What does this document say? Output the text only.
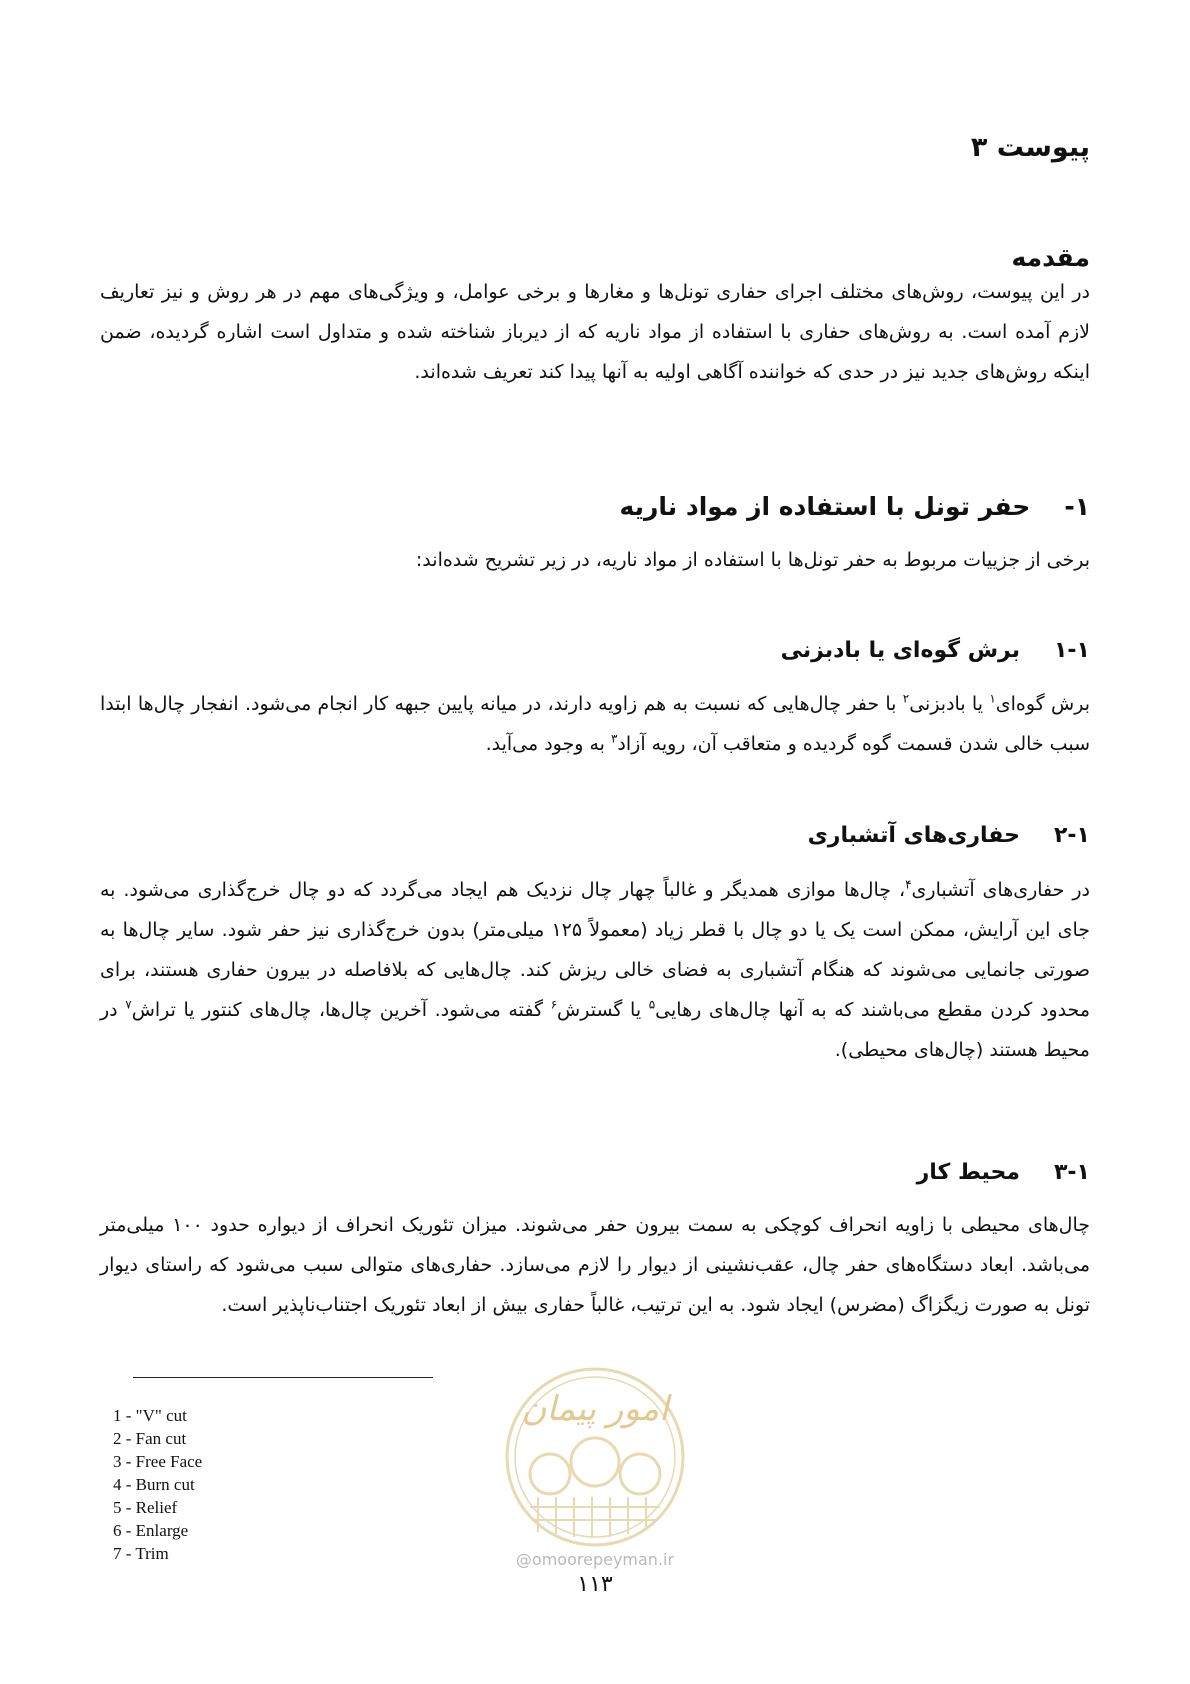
پیوست ۳
مقدمه
در این پیوست، روش‌های مختلف اجرای حفاری تونل‌ها و مغارها و برخی عوامل، و ویژگی‌های مهم در هر روش و نیز تعاریف لازم آمده است. به روش‌های حفاری با استفاده از مواد ناریه که از دیرباز شناخته شده و متداول است اشاره گردیده، ضمن اینکه روش‌های جدید نیز در حدی که خواننده آگاهی اولیه به آنها پیدا کند تعریف شده‌اند.
۱-حفر تونل با استفاده از مواد ناریه
برخی از جزییات مربوط به حفر تونل‌ها با استفاده از مواد ناریه، در زیر تشریح شده‌اند:
۱-۱برش گوه‌ای یا بادبزنی
برش گوه‌ای$^۱$ یا بادبزنی$^۲$ با حفر چال‌هایی که نسبت به هم زاویه دارند، در میانه پایین جبهه کار انجام می‌شود. انفجار چال‌ها ابتدا سبب خالی شدن قسمت گوه گردیده و متعاقب آن، رویه آزاد$^۳$ به وجود می‌آید.
۲-۱حفاری‌های آتشباری
در حفاری‌های آتشباری$^۴$، چال‌ها موازی همدیگر و غالباً چهار چال نزدیک هم ایجاد می‌گردد که دو چال خرج‌گذاری می‌شود. به جای این آرایش، ممکن است یک یا دو چال با قطر زیاد (معمولاً ۱۲۵ میلی‌متر) بدون خرج‌گذاری نیز حفر شود. سایر چال‌ها به صورتی جانمایی می‌شوند که هنگام آتشباری به فضای خالی ریزش کند. چال‌هایی که بلافاصله در بیرون حفاری هستند، برای محدود کردن مقطع می‌باشند که به آنها چال‌های رهایی$^۵$ یا گسترش$^۶$ گفته می‌شود. آخرین چال‌ها، چال‌های کنتور یا تراش$^۷$ در محیط هستند (چال‌های محیطی).
۳-۱محیط کار
چال‌های محیطی با زاویه انحراف کوچکی به سمت بیرون حفر می‌شوند. میزان تئوریک انحراف از دیواره حدود ۱۰۰ میلی‌متر می‌باشد. ابعاد دستگاه‌های حفر چال، عقب‌نشینی از دیوار را لازم می‌سازد. حفاری‌های متوالی سبب می‌شود که راستای دیوار تونل به صورت زیگزاگ (مضرس) ایجاد شود. به این ترتیب، غالباً حفاری بیش از ابعاد تئوریک اجتناب‌ناپذیر است.
1 - "V" cut
2 - Fan cut
3 - Free Face
4 - Burn cut
5 - Relief
6 - Enlarge
7 - Trim
امور پیمان
@omoorepeyman.ir
۱۱۳
